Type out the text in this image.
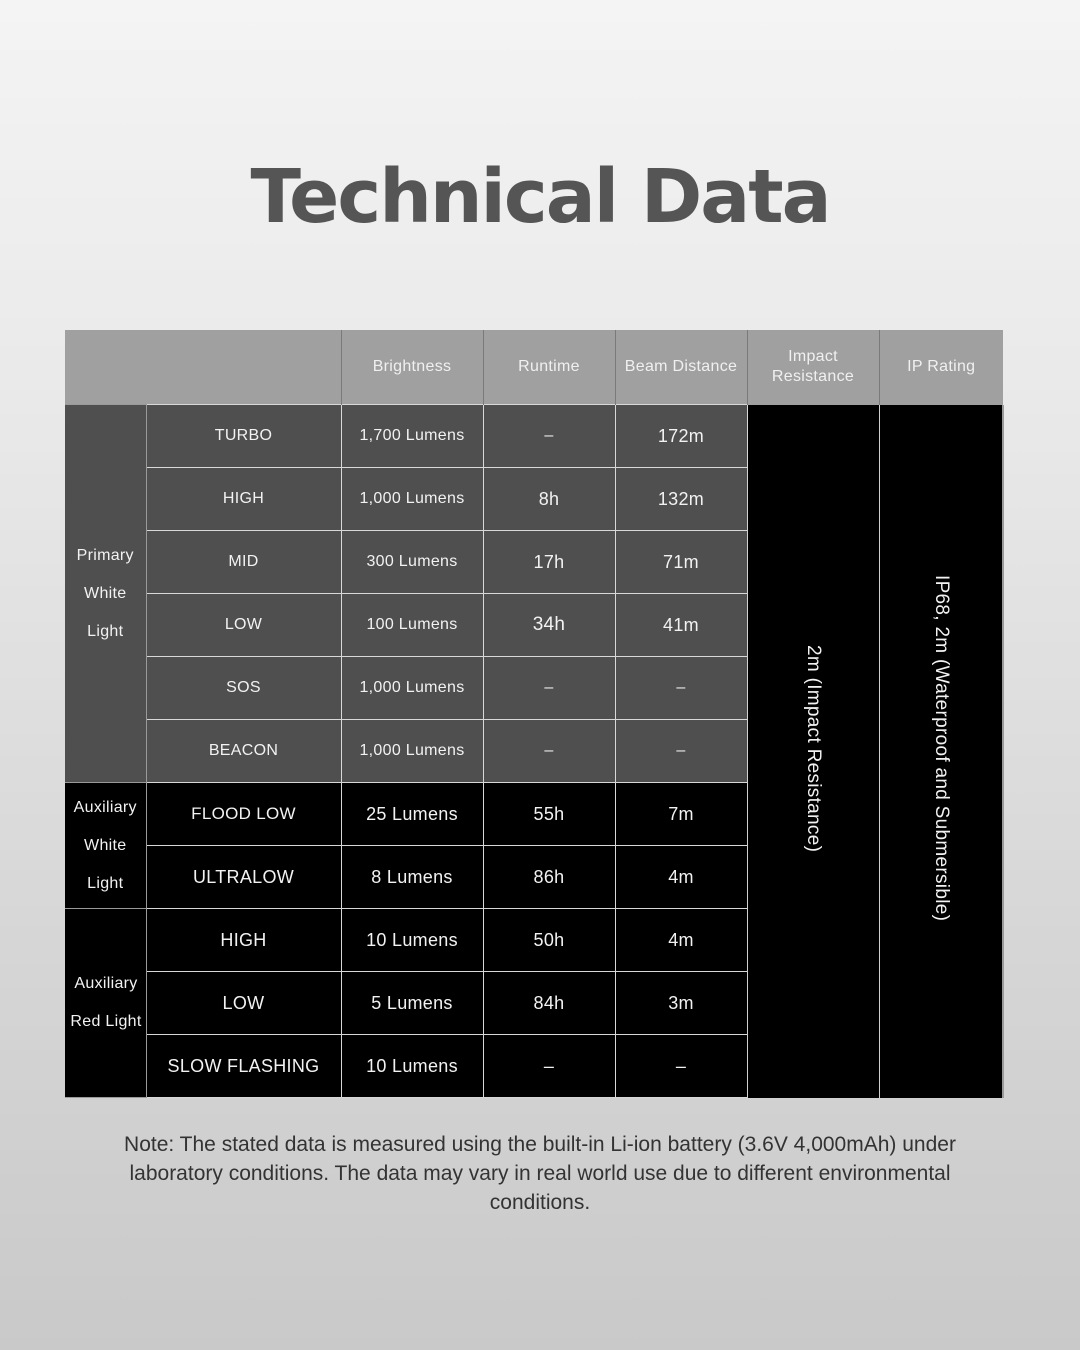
Technical Data
		Brightness	Runtime	Beam Distance	Impact Resistance	IP Rating
Primary White Light	TURBO	1,700 Lumens	–	172m	2m (Impact Resistance)	IP68, 2m (Waterproof and Submersible)
	HIGH	1,000 Lumens	8h	132m		
	MID	300 Lumens	17h	71m		
	LOW	100 Lumens	34h	41m		
	SOS	1,000 Lumens	–	–		
	BEACON	1,000 Lumens	–	–		
Auxiliary White Light	FLOOD LOW	25 Lumens	55h	7m		
	ULTRALOW	8 Lumens	86h	4m		
Auxiliary Red Light	HIGH	10 Lumens	50h	4m		
	LOW	5 Lumens	84h	3m		
	SLOW FLASHING	10 Lumens	–	–		
Note: The stated data is measured using the built-in Li-ion battery (3.6V 4,000mAh) under laboratory conditions. The data may vary in real world use due to different environmental conditions.
